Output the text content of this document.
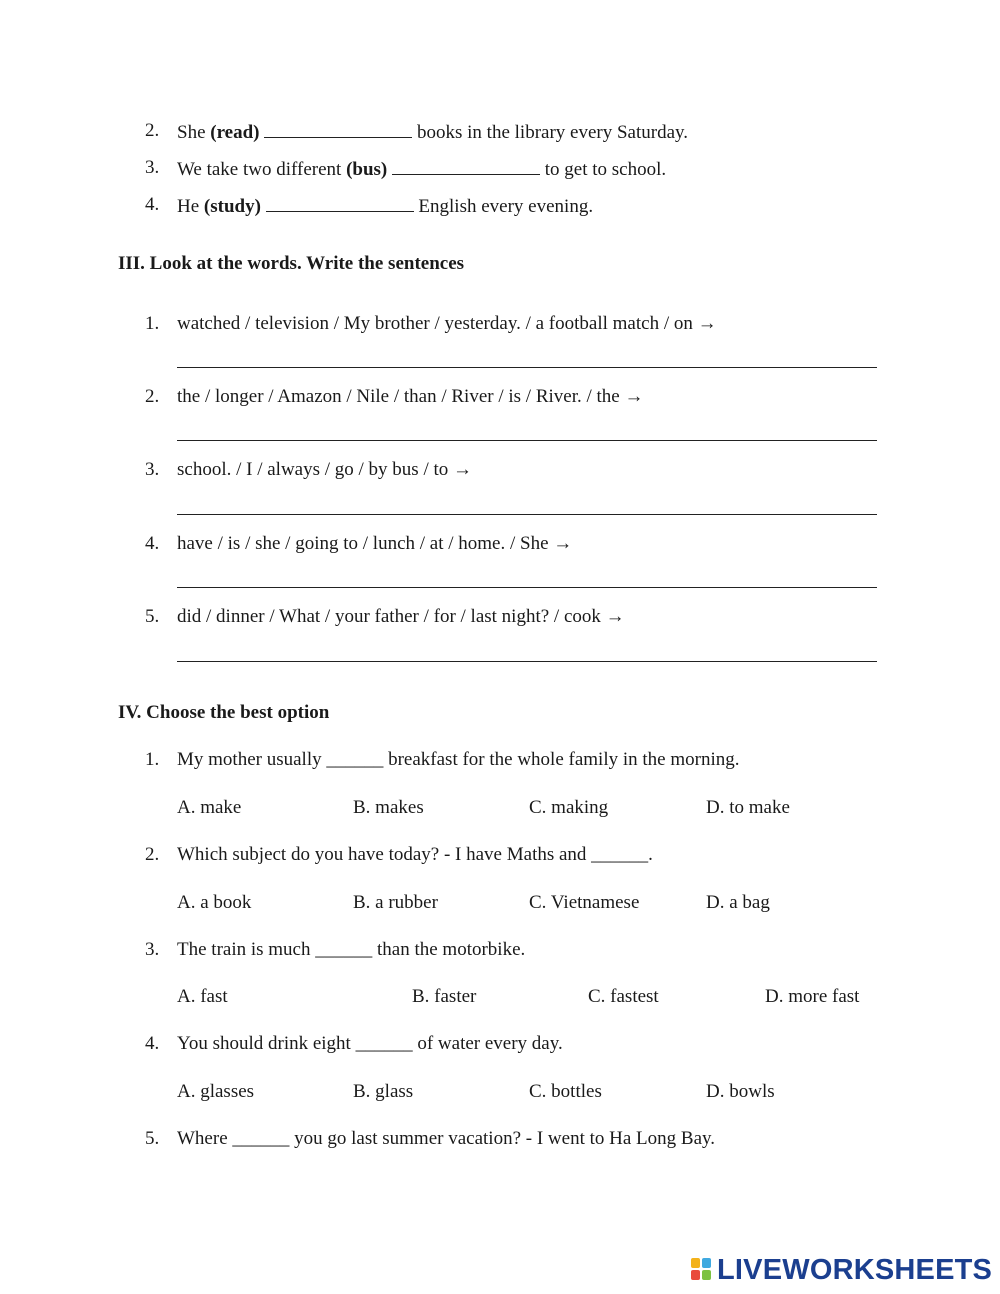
2. She (read)	books in the library every Saturday.
3. We take two different (bus)	to get to school.
4. He (study)	English every evening.
III. Look at the words. Write the sentences
1. watched / television / My brother / yesterday. / a football match / on →
2. the / longer / Amazon / Nile / than / River / is / River. / the →
3. school. / I / always / go / by bus / to →
4. have / is / she / going to / lunch / at / home. / She →
5. did / dinner / What / your father / for / last night? / cook →
IV. Choose the best option
1. My mother usually ______ breakfast for the whole family in the morning.
A. make	B. makes	C. making	D. to make
2. Which subject do you have today? - I have Maths and ______.
A. a book	B. a rubber	C. Vietnamese	D. a bag
3. The train is much ______ than the motorbike.
A. fast	B. faster	C. fastest	D. more fast
4. You should drink eight ______ of water every day.
A. glasses	B. glass	C. bottles	D. bowls
5. Where ______ you go last summer vacation? - I went to Ha Long Bay.
LIVEWORKSHEETS
